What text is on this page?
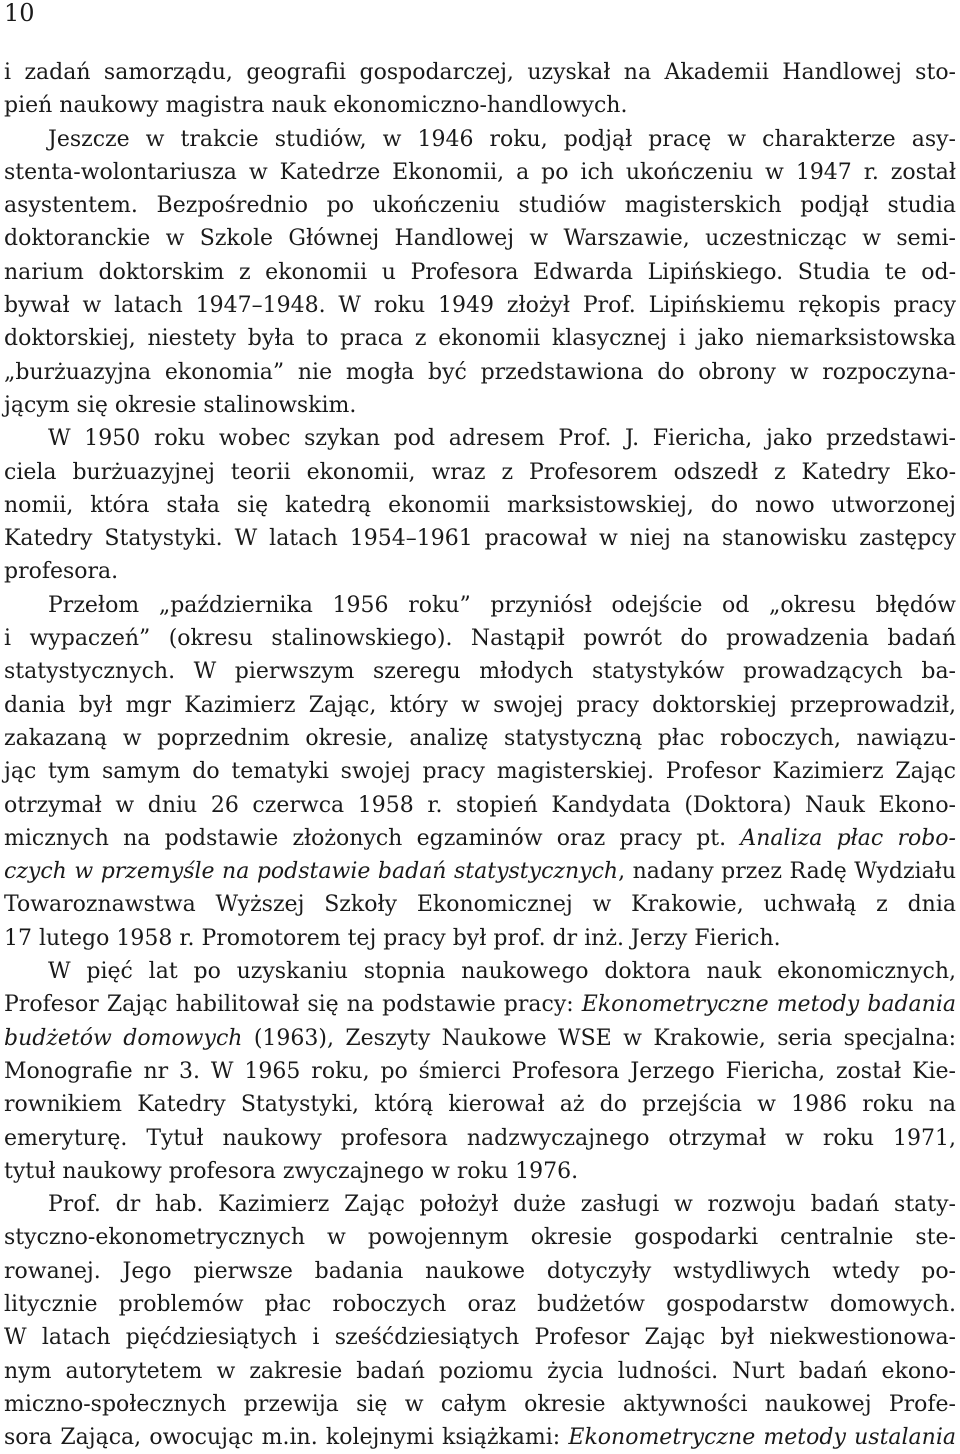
10
i zadań samorządu, geografii gospodarczej, uzyskał na Akademii Handlowej sto-
pień naukowy magistra nauk ekonomiczno-handlowych.
Jeszcze w trakcie studiów, w 1946 roku, podjął pracę w charakterze asy-
stenta-wolontariusza w Katedrze Ekonomii, a po ich ukończeniu w 1947 r. został
asystentem. Bezpośrednio po ukończeniu studiów magisterskich podjął studia
doktoranckie w Szkole Głównej Handlowej w Warszawie, uczestnicząc w semi-
narium doktorskim z ekonomii u Profesora Edwarda Lipińskiego. Studia te od-
bywał w latach 1947–1948. W roku 1949 złożył Prof. Lipińskiemu rękopis pracy
doktorskiej, niestety była to praca z ekonomii klasycznej i jako niemarksistowska
„burżuazyjna ekonomia” nie mogła być przedstawiona do obrony w rozpoczyna-
jącym się okresie stalinowskim.
W 1950 roku wobec szykan pod adresem Prof. J. Fiericha, jako przedstawi-
ciela burżuazyjnej teorii ekonomii, wraz z Profesorem odszedł z Katedry Eko-
nomii, która stała się katedrą ekonomii marksistowskiej, do nowo utworzonej
Katedry Statystyki. W latach 1954–1961 pracował w niej na stanowisku zastępcy
profesora.
Przełom „października 1956 roku” przyniósł odejście od „okresu błędów
i wypaczeń” (okresu stalinowskiego). Nastąpił powrót do prowadzenia badań
statystycznych. W pierwszym szeregu młodych statystyków prowadzących ba-
dania był mgr Kazimierz Zając, który w swojej pracy doktorskiej przeprowadził,
zakazaną w poprzednim okresie, analizę statystyczną płac roboczych, nawiązu-
jąc tym samym do tematyki swojej pracy magisterskiej. Profesor Kazimierz Zając
otrzymał w dniu 26 czerwca 1958 r. stopień Kandydata (Doktora) Nauk Ekono-
micznych na podstawie złożonych egzaminów oraz pracy pt. Analiza płac robo-
czych w przemyśle na podstawie badań statystycznych, nadany przez Radę Wydziału
Towaroznawstwa Wyższej Szkoły Ekonomicznej w Krakowie, uchwałą z dnia
17 lutego 1958 r. Promotorem tej pracy był prof. dr inż. Jerzy Fierich.
W pięć lat po uzyskaniu stopnia naukowego doktora nauk ekonomicznych,
Profesor Zając habilitował się na podstawie pracy: Ekonometryczne metody badania
budżetów domowych (1963), Zeszyty Naukowe WSE w Krakowie, seria specjalna:
Monografie nr 3. W 1965 roku, po śmierci Profesora Jerzego Fiericha, został Kie-
rownikiem Katedry Statystyki, którą kierował aż do przejścia w 1986 roku na
emeryturę. Tytuł naukowy profesora nadzwyczajnego otrzymał w roku 1971,
tytuł naukowy profesora zwyczajnego w roku 1976.
Prof. dr hab. Kazimierz Zając położył duże zasługi w rozwoju badań staty-
styczno-ekonometrycznych w powojennym okresie gospodarki centralnie ste-
rowanej. Jego pierwsze badania naukowe dotyczyły wstydliwych wtedy po-
litycznie problemów płac roboczych oraz budżetów gospodarstw domowych.
W latach pięćdziesiątych i sześćdziesiątych Profesor Zając był niekwestionowa-
nym autorytetem w zakresie badań poziomu życia ludności. Nurt badań ekono-
miczno-społecznych przewija się w całym okresie aktywności naukowej Profe-
sora Zająca, owocując m.in. kolejnymi książkami: Ekonometryczne metody ustalania
